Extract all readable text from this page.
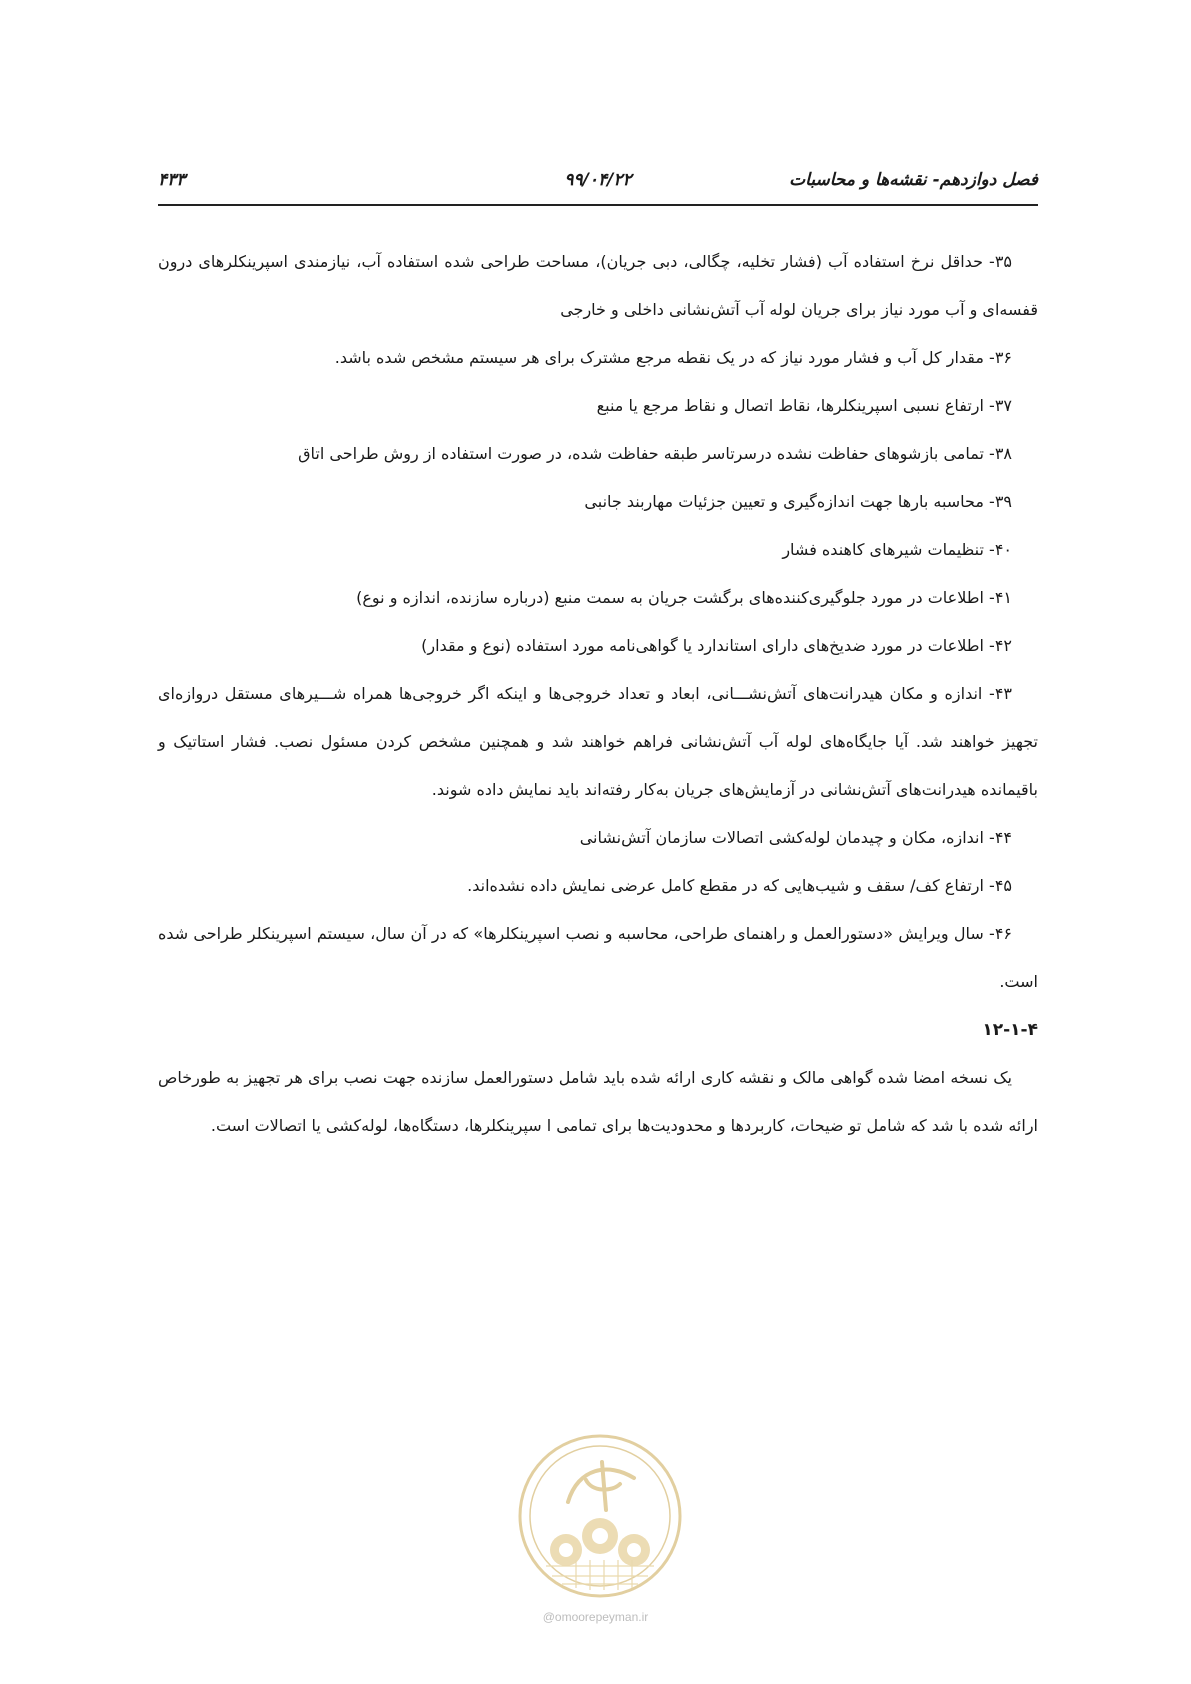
فصل دوازدهم- نقشه‌ها و محاسبات
۹۹/۰۴/۲۲
۴۳۳

۳۵- حداقل نرخ استفاده آب (فشار تخلیه، چگالی، دبی جریان)، مساحت طراحی شده استفاده آب، نیازمندی اسپرینکلرهای درون قفسه‌ای و آب مورد نیاز برای جریان لوله آب آتش‌نشانی داخلی و خارجی

۳۶- مقدار کل آب و فشار مورد نیاز که در یک نقطه مرجع مشترک برای هر سیستم مشخص شده باشد.

۳۷- ارتفاع نسبی اسپرینکلرها، نقاط اتصال و نقاط مرجع یا منبع

۳۸- تمامی بازشوهای حفاظت نشده درسرتاسر طبقه حفاظت شده، در صورت استفاده از روش طراحی اتاق

۳۹- محاسبه بارها جهت اندازه‌گیری و تعیین جزئیات مهاربند جانبی

۴۰- تنظیمات شیرهای کاهنده فشار

۴۱- اطلاعات در مورد جلوگیری‌کننده‌های برگشت جریان به سمت منبع (درباره سازنده، اندازه و نوع)

۴۲- اطلاعات در مورد ضدیخ‌های دارای استاندارد یا گواهی‌نامه مورد استفاده (نوع و مقدار)

۴۳- اندازه و مکان هیدرانت‌های آتش‌نشـــانی، ابعاد و تعداد خروجی‌ها و اینکه اگر خروجی‌ها همراه شـــیرهای مستقل دروازه‌ای تجهیز خواهند شد. آیا جایگاه‌های لوله آب آتش‌نشانی فراهم خواهند شد و همچنین مشخص کردن مسئول نصب. فشار استاتیک و باقیمانده هیدرانت‌های آتش‌نشانی در آزمایش‌های جریان به‌کار رفته‌اند باید نمایش داده شوند.

۴۴- اندازه، مکان و چیدمان لوله‌کشی اتصالات سازمان آتش‌نشانی

۴۵- ارتفاع کف/ سقف و شیب‌هایی که در مقطع کامل عرضی نمایش داده نشده‌اند.

۴۶- سال ویرایش «دستورالعمل و راهنمای طراحی، محاسبه و نصب اسپرینکلرها» که در آن سال، سیستم اسپرینکلر طراحی شده است.

۱۲-۱-۴

یک نسخه امضا شده گواهی مالک و نقشه کاری ارائه شده باید شامل دستورالعمل سازنده جهت نصب برای هر تجهیز به طورخاص ارائه شده با شد که شامل تو ضیحات، کاربردها و محدودیت‌ها برای تمامی ا سپرینکلرها، دستگاه‌ها، لوله‌کشی یا اتصالات است.

@omoorepeyman.ir
